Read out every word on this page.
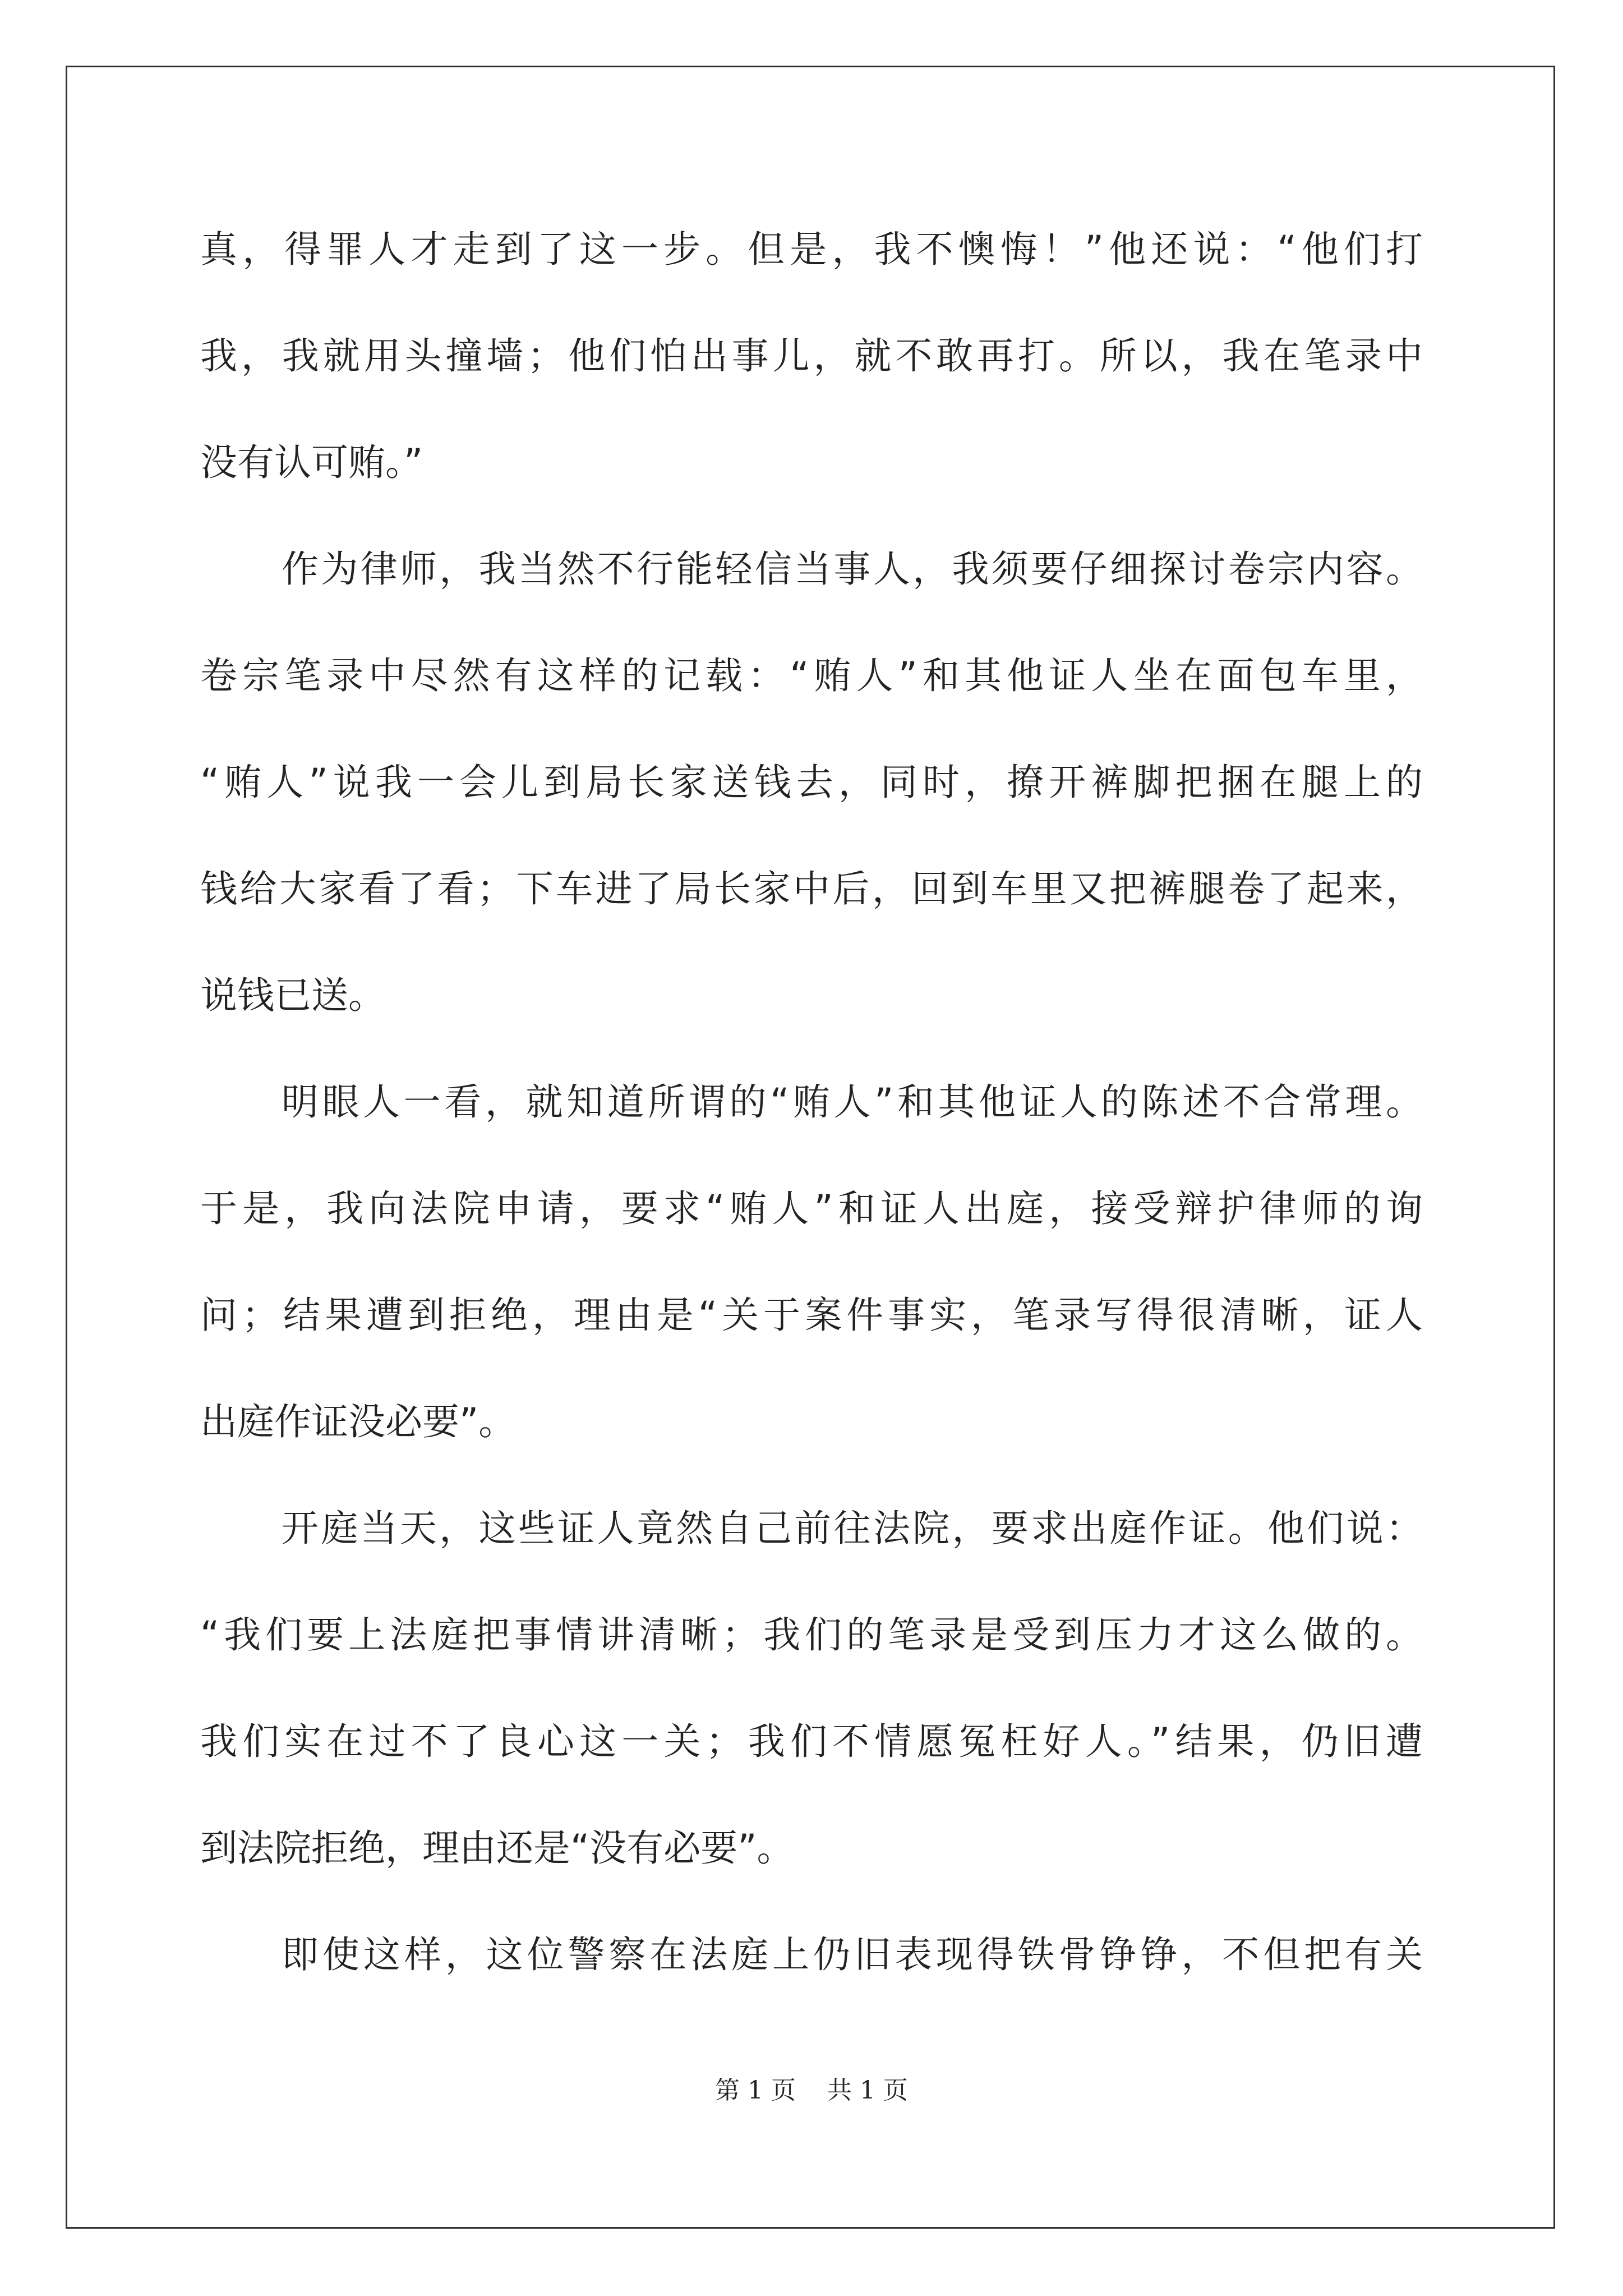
真，得罪人才走到了这一步。但是，我不懊悔！”他还说：“他们打
我，我就用头撞墙；他们怕出事儿，就不敢再打。所以，我在笔录中
没有认可贿。”
作为律师，我当然不行能轻信当事人，我须要仔细探讨卷宗内容。
卷宗笔录中尽然有这样的记载：“贿人”和其他证人坐在面包车里，
“贿人”说我一会儿到局长家送钱去，同时，撩开裤脚把捆在腿上的
钱给大家看了看；下车进了局长家中后，回到车里又把裤腿卷了起来，
说钱已送。
明眼人一看，就知道所谓的“贿人”和其他证人的陈述不合常理。
于是，我向法院申请，要求“贿人”和证人出庭，接受辩护律师的询
问；结果遭到拒绝，理由是“关于案件事实，笔录写得很清晰，证人
出庭作证没必要”。
开庭当天，这些证人竟然自己前往法院，要求出庭作证。他们说：
“我们要上法庭把事情讲清晰；我们的笔录是受到压力才这么做的。
我们实在过不了良心这一关；我们不情愿冤枉好人。”结果，仍旧遭
到法院拒绝，理由还是“没有必要”。
即使这样，这位警察在法庭上仍旧表现得铁骨铮铮，不但把有关
第 1 页    共 1 页
